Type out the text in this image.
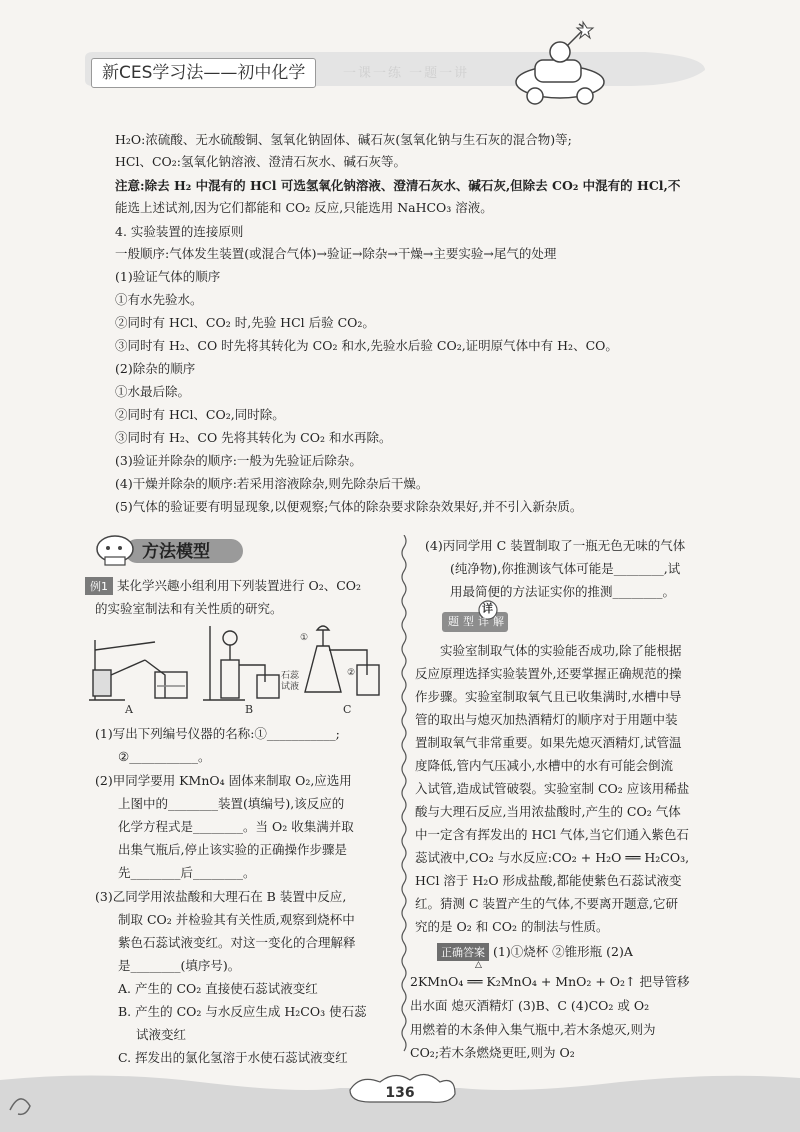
新CES学习法——初中化学	一课一练 一题一讲
H₂O:浓硫酸、无水硫酸铜、氢氧化钠固体、碱石灰(氢氧化钠与生石灰的混合物)等;
HCl、CO₂:氢氧化钠溶液、澄清石灰水、碱石灰等。
注意:除去 H₂ 中混有的 HCl 可选氢氧化钠溶液、澄清石灰水、碱石灰,但除去 CO₂ 中混有的 HCl,不
能选上述试剂,因为它们都能和 CO₂ 反应,只能选用 NaHCO₃ 溶液。
4. 实验装置的连接原则
一般顺序:气体发生装置(或混合气体)→验证→除杂→干燥→主要实验→尾气的处理
(1)验证气体的顺序
①有水先验水。
②同时有 HCl、CO₂ 时,先验 HCl 后验 CO₂。
③同时有 H₂、CO 时先将其转化为 CO₂ 和水,先验水后验 CO₂,证明原气体中有 H₂、CO。
(2)除杂的顺序
①水最后除。
②同时有 HCl、CO₂,同时除。
③同时有 H₂、CO 先将其转化为 CO₂ 和水再除。
(3)验证并除杂的顺序:一般为先验证后除杂。
(4)干燥并除杂的顺序:若采用溶液除杂,则先除杂后干燥。
(5)气体的验证要有明显现象,以便观察;气体的除杂要求除杂效果好,并不引入新杂质。
方法模型
例1 某化学兴趣小组利用下列装置进行 O₂、CO₂
的实验室制法和有关性质的研究。
A	B	C
石蕊
试液
①
②
(1)写出下列编号仪器的名称:①___________;
②___________。
(2)甲同学要用 KMnO₄ 固体来制取 O₂,应选用
上图中的________装置(填编号),该反应的
化学方程式是________。当 O₂ 收集满并取
出集气瓶后,停止该实验的正确操作步骤是
先________后________。
(3)乙同学用浓盐酸和大理石在 B 装置中反应,
制取 CO₂ 并检验其有关性质,观察到烧杯中
紫色石蕊试液变红。对这一变化的合理解释
是________(填序号)。
A. 产生的 CO₂ 直接使石蕊试液变红
B. 产生的 CO₂ 与水反应生成 H₂CO₃ 使石蕊
试液变红
C. 挥发出的氯化氢溶于水使石蕊试液变红
(4)丙同学用 C 装置制取了一瓶无色无味的气体
(纯净物),你推测该气体可能是________,试
用最简便的方法证实你的推测________。
题型详解
详
实验室制取气体的实验能否成功,除了能根据
反应原理选择实验装置外,还要掌握正确规范的操
作步骤。实验室制取氧气且已收集满时,水槽中导
管的取出与熄灭加热酒精灯的顺序对于用题中装
置制取氧气非常重要。如果先熄灭酒精灯,试管温
度降低,管内气压减小,水槽中的水有可能会倒流
入试管,造成试管破裂。实验室制 CO₂ 应该用稀盐
酸与大理石反应,当用浓盐酸时,产生的 CO₂ 气体
中一定含有挥发出的 HCl 气体,当它们通入紫色石
蕊试液中,CO₂ 与水反应:CO₂ + H₂O ══ H₂CO₃,
HCl 溶于 H₂O 形成盐酸,都能使紫色石蕊试液变
红。猜测 C 装置产生的气体,不要离开题意,它研
究的是 O₂ 和 CO₂ 的制法与性质。
正确答案 (1)①烧杯 ②锥形瓶 (2)A
△
2KMnO₄ ══ K₂MnO₄ + MnO₂ + O₂↑ 把导管移
出水面 熄灭酒精灯 (3)B、C (4)CO₂ 或 O₂
用燃着的木条伸入集气瓶中,若木条熄灭,则为
CO₂;若木条燃烧更旺,则为 O₂
136
